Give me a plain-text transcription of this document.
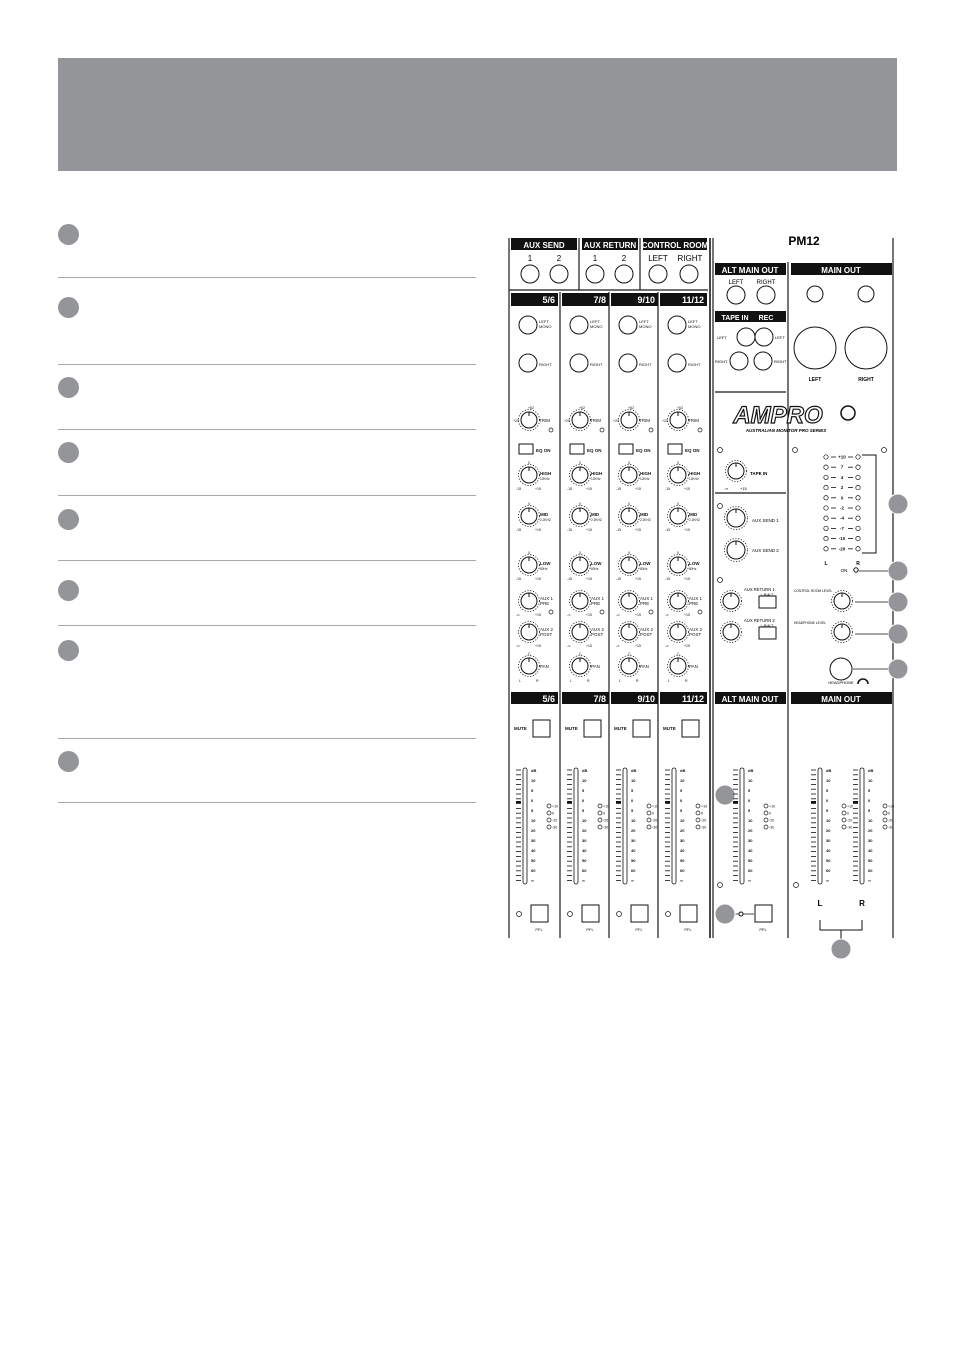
AUX SEND AUX RETURN CONTROL ROOM
1	2	1	2	LEFT RIGHT
PM12
ALT MAIN OUT
LEFT RIGHT
MAIN OUT
LEFT	RIGHT
TAPE IN REC
LEFT
RIGHT
LEFT
RIGHT
AMPRO
AUSTRALIAN MONITOR PRO SERIES
ALT MAIN OUT	MAIN OUT
TAPE IN
-∞	+15
AUX SEND 1
AUX SEND 2
AUX RETURN 1
AUX RETURN 2
L-R/ALT
L-R/ALT
CONTROL ROOM LEVEL
HEADPHONE LEVEL
HEADPHONE
ON
L	R
L	R
PFL
5/6
LEFT
MONO
RIGHT
TRIM
+20
+52
EQ ON
HIGH
12KHz
-15	+15
0
MID
2.2KHZ
-15	+15
0
LOW
80Hz
-15	+15
0
AUX 1
PRE
-∞	+15
AUX 2
POST
-∞	+15
PAN
C
L	R
5/6
MUTE
dB
10
5
0
5
10
20
30
40
50
60
∞
+10
0
-20
-30
PFL
7/8
LEFT
MONO
RIGHT
TRIM
+20
+52
EQ ON
HIGH
12KHz
-15	+15
0
MID
2.2KHZ
-15	+15
0
LOW
80Hz
-15	+15
0
AUX 1
PRE
-∞	+15
AUX 2
POST
-∞	+15
PAN
C
L	R
7/8
MUTE
dB
10
5
0
5
10
20
30
40
50
60
∞
+10
0
-20
-30
PFL
9/10
LEFT
MONO
RIGHT
TRIM
+20
+52
EQ ON
HIGH
12KHz
-15	+15
0
MID
2.2KHZ
-15	+15
0
LOW
80Hz
-15	+15
0
AUX 1
PRE
-∞	+15
AUX 2
POST
-∞	+15
PAN
C
L	R
9/10
MUTE
dB
10
5
0
5
10
20
30
40
50
60
∞
+10
0
-20
-30
PFL
11/12
LEFT
MONO
RIGHT
TRIM
+20
+52
EQ ON
HIGH
12KHz
-15	+15
0
MID
2.2KHZ
-15	+15
0
LOW
80Hz
-15	+15
0
AUX 1
PRE
-∞	+15
AUX 2
POST
-∞	+15
PAN
C
L	R
11/12
MUTE
dB
10
5
0
5
10
20
30
40
50
60
∞
+10
0
-20
-30
PFL
+10
7
4
2
0
-2
-4
-7
-10
-20
dB
10
5
0
5
10
20
30
40
50
60
∞
+10
0
-20
-30
dB
10
5
0
5
10
20
30
40
50
60
∞
+10
0
-20
-30
dB
10
5
0
5
10
20
30
40
50
60
∞
+10
0
-20
-30
